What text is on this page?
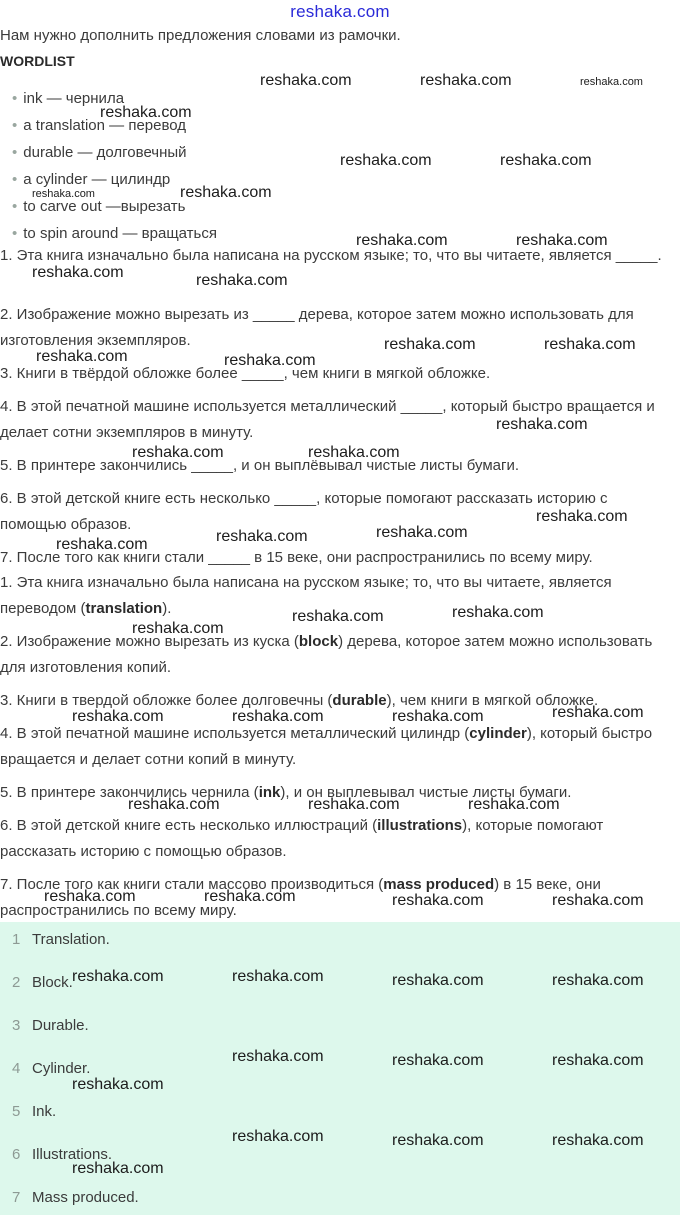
reshaka.com
Нам нужно дополнить предложения словами из рамочки.
WORDLIST
• ink — чернила
• a translation — перевод
• durable — долговечный
• a cylinder — цилиндр
• to carve out —вырезать
• to spin around — вращаться
1. Эта книга изначально была написана на русском языке; то, что вы читаете, является _____.
2. Изображение можно вырезать из _____ дерева, которое затем можно использовать для изготовления экземпляров.
3. Книги в твёрдой обложке более _____, чем книги в мягкой обложке.
4. В этой печатной машине используется металлический _____, который быстро вращается и делает сотни экземпляров в минуту.
5. В принтере закончились _____, и он выплёвывал чистые листы бумаги.
6. В этой детской книге есть несколько _____, которые помогают рассказать историю с помощью образов.
7. После того как книги стали _____ в 15 веке, они распространились по всему миру.
1. Эта книга изначально была написана на русском языке; то, что вы читаете, является переводом (translation).
2. Изображение можно вырезать из куска (block) дерева, которое затем можно использовать для изготовления копий.
3. Книги в твердой обложке более долговечны (durable), чем книги в мягкой обложке.
4. В этой печатной машине используется металлический цилиндр (cylinder), который быстро вращается и делает сотни копий в минуту.
5. В принтере закончились чернила (ink), и он выплевывал чистые листы бумаги.
6. В этой детской книге есть несколько иллюстраций (illustrations), которые помогают рассказать историю с помощью образов.
7. После того как книги стали массово производиться (mass produced) в 15 веке, они распространились по всему миру.
1 Translation.
2 Block.
3 Durable.
4 Cylinder.
5 Ink.
6 Illustrations.
7 Mass produced.
reshaka.com	reshaka.com	reshaka.com
reshaka.com
reshaka.com	reshaka.com
reshaka.com	reshaka.com
reshaka.com	reshaka.com
reshaka.com	reshaka.com
reshaka.com	reshaka.com
reshaka.com	reshaka.com
reshaka.com
reshaka.com	reshaka.com
reshaka.com
reshaka.com	reshaka.com
reshaka.com
reshaka.com	reshaka.com
reshaka.com
reshaka.com	reshaka.com	reshaka.com	reshaka.com
reshaka.com	reshaka.com	reshaka.com
reshaka.com	reshaka.com	reshaka.com	reshaka.com
reshaka.com	reshaka.com	reshaka.com	reshaka.com
reshaka.com	reshaka.com	reshaka.com
reshaka.com
reshaka.com	reshaka.com	reshaka.com
reshaka.com
